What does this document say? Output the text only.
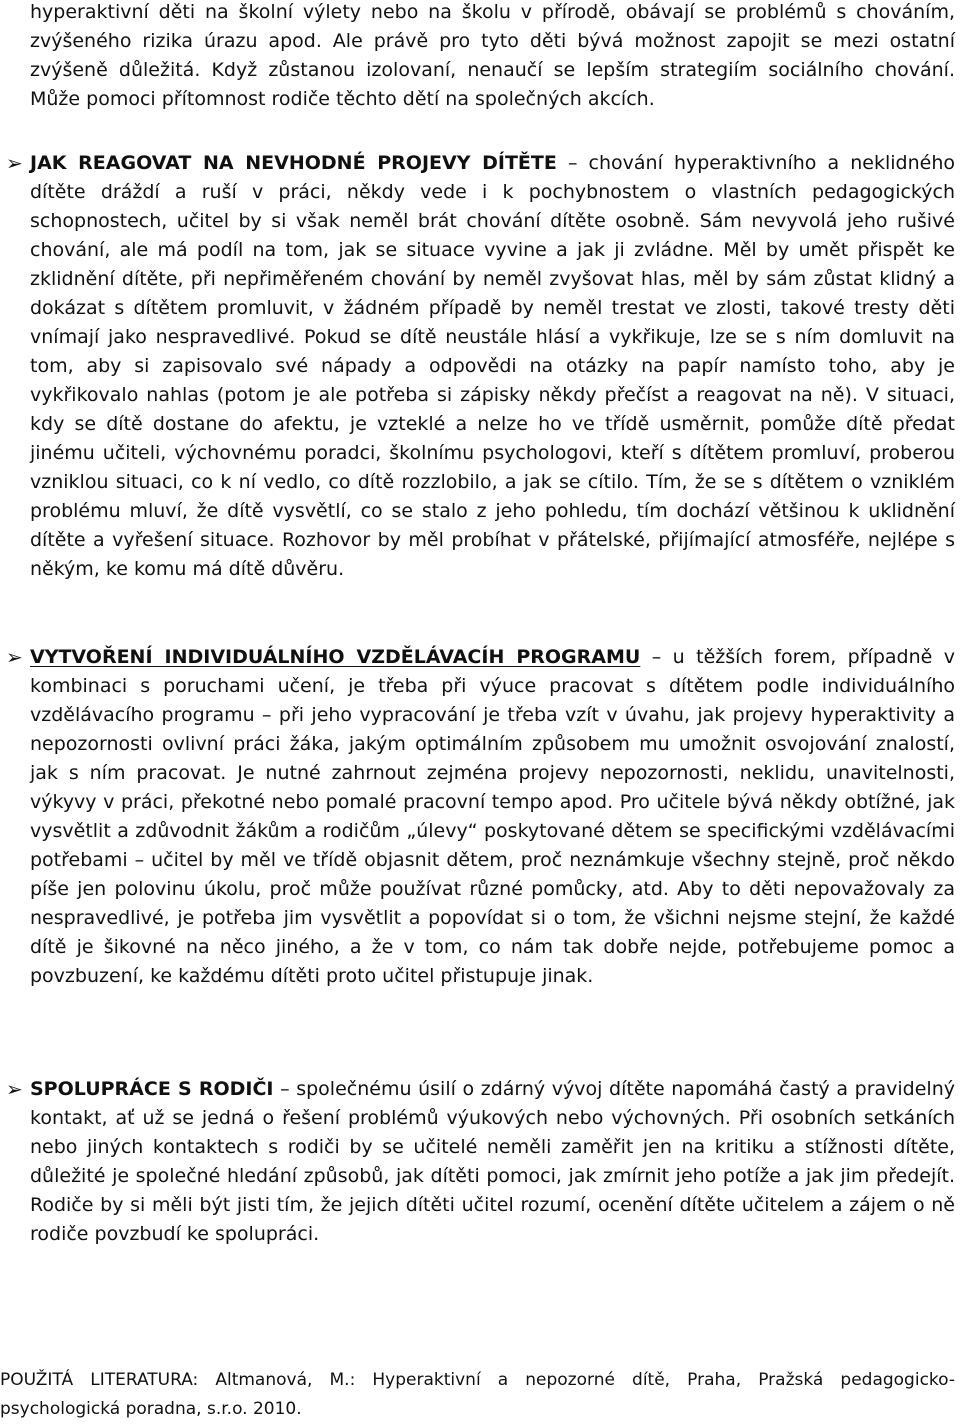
hyperaktivní děti na školní výlety nebo na školu v přírodě, obávají se problémů s chováním, zvýšeného rizika úrazu apod. Ale právě pro tyto děti bývá možnost zapojit se mezi ostatní zvýšeně důležitá. Když zůstanou izolovaní, nenaučí se lepším strategiím sociálního chování. Může pomoci přítomnost rodiče těchto dětí na společných akcích.
➢ JAK REAGOVAT NA NEVHODNÉ PROJEVY DÍTĚTE – chování hyperaktivního a neklidného dítěte dráždí a ruší v práci, někdy vede i k pochybnostem o vlastních pedagogických schopnostech, učitel by si však neměl brát chování dítěte osobně. Sám nevyvolá jeho rušivé chování, ale má podíl na tom, jak se situace vyvine a jak ji zvládne. Měl by umět přispět ke zklidnění dítěte, při nepřiměřeném chování by neměl zvyšovat hlas, měl by sám zůstat klidný a dokázat s dítětem promluvit, v žádném případě by neměl trestat ve zlosti, takové tresty děti vnímají jako nespravedlivé. Pokud se dítě neustále hlásí a vykřikuje, lze se s ním domluvit na tom, aby si zapisovalo své nápady a odpovědi na otázky na papír namísto toho, aby je vykřikovalo nahlas (potom je ale potřeba si zápisky někdy přečíst a reagovat na ně). V situaci, kdy se dítě dostane do afektu, je vzteklé a nelze ho ve třídě usměrnit, pomůže dítě předat jinému učiteli, výchovnému poradci, školnímu psychologovi, kteří s dítětem promluví, proberou vzniklou situaci, co k ní vedlo, co dítě rozzlobilo, a jak se cítilo. Tím, že se s dítětem o vzniklém problému mluví, že dítě vysvětlí, co se stalo z jeho pohledu, tím dochází většinou k uklidnění dítěte a vyřešení situace. Rozhovor by měl probíhat v přátelské, přijímající atmosféře, nejlépe s někým, ke komu má dítě důvěru.
➢ VYTVOŘENÍ INDIVIDUÁLNÍHO VZDĚLÁVACÍH PROGRAMU – u těžších forem, případně v kombinaci s poruchami učení, je třeba při výuce pracovat s dítětem podle individuálního vzdělávacího programu – při jeho vypracování je třeba vzít v úvahu, jak projevy hyperaktivity a nepozornosti ovlivní práci žáka, jakým optimálním způsobem mu umožnit osvojování znalostí, jak s ním pracovat. Je nutné zahrnout zejména projevy nepozornosti, neklidu, unavitelnosti, výkyvy v práci, překotné nebo pomalé pracovní tempo apod. Pro učitele bývá někdy obtížné, jak vysvětlit a zdůvodnit žákům a rodičům „úlevy“ poskytované dětem se specifickými vzdělávacími potřebami – učitel by měl ve třídě objasnit dětem, proč neznámkuje všechny stejně, proč někdo píše jen polovinu úkolu, proč může používat různé pomůcky, atd. Aby to děti nepovažovaly za nespravedlivé, je potřeba jim vysvětlit a popovídat si o tom, že všichni nejsme stejní, že každé dítě je šikovné na něco jiného, a že v tom, co nám tak dobře nejde, potřebujeme pomoc a povzbuzení, ke každému dítěti proto učitel přistupuje jinak.
➢ SPOLUPRÁCE S RODIČI – společnému úsilí o zdárný vývoj dítěte napomáhá častý a pravidelný kontakt, ať už se jedná o řešení problémů výukových nebo výchovných. Při osobních setkáních nebo jiných kontaktech s rodiči by se učitelé neměli zaměřit jen na kritiku a stížnosti dítěte, důležité je společné hledání způsobů, jak dítěti pomoci, jak zmírnit jeho potíže a jak jim předejít. Rodiče by si měli být jisti tím, že jejich dítěti učitel rozumí, ocenění dítěte učitelem a zájem o ně rodiče povzbudí ke spolupráci.
POUŽITÁ LITERATURA: Altmanová, M.: Hyperaktivní a nepozorné dítě, Praha, Pražská pedagogicko-psychologická poradna, s.r.o. 2010.
